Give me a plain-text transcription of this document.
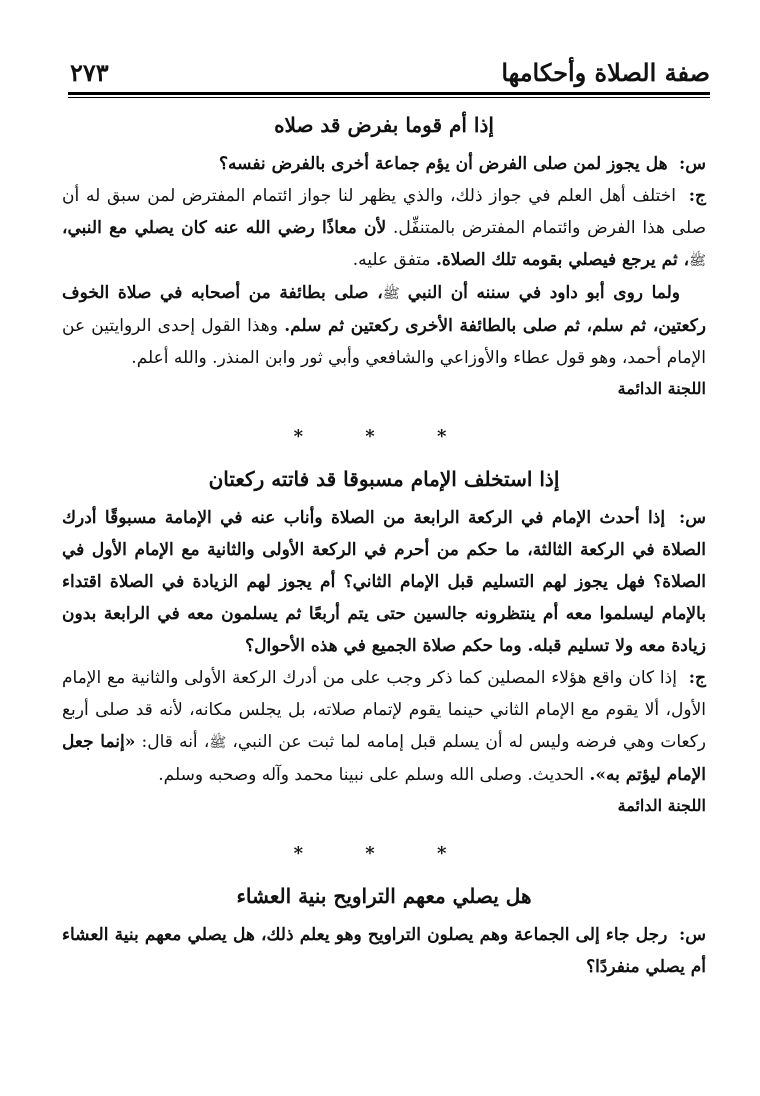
صفة الصلاة وأحكامها
٢٧٣
إذا أم قوما بفرض قد صلاه

س: هل يجوز لمن صلى الفرض أن يؤم جماعة أخرى بالفرض نفسه؟

ج: اختلف أهل العلم في جواز ذلك، والذي يظهر لنا جواز ائتمام المفترض لمن سبق له أن صلى هذا الفرض وائتمام المفترض بالمتنفِّل. لأن معاذًا رضي الله عنه كان يصلي مع النبي، ﷺ، ثم يرجع فيصلي بقومه تلك الصلاة. متفق عليه.

ولما روى أبو داود في سننه أن النبي ﷺ، صلى بطائفة من أصحابه في صلاة الخوف ركعتين، ثم سلم، ثم صلى بالطائفة الأخرى ركعتين ثم سلم. وهذا القول إحدى الروايتين عن الإمام أحمد، وهو قول عطاء والأوزاعي والشافعي وأبي ثور وابن المنذر. والله أعلم.

اللجنة الدائمة
* * *
إذا استخلف الإمام مسبوقا قد فاتته ركعتان

س: إذا أحدث الإمام في الركعة الرابعة من الصلاة وأناب عنه في الإمامة مسبوقًا أدرك الصلاة في الركعة الثالثة، ما حكم من أحرم في الركعة الأولى والثانية مع الإمام الأول في الصلاة؟ فهل يجوز لهم التسليم قبل الإمام الثاني؟ أم يجوز لهم الزيادة في الصلاة اقتداء بالإمام ليسلموا معه أم ينتظرونه جالسين حتى يتم أربعًا ثم يسلمون معه في الرابعة بدون زيادة معه ولا تسليم قبله. وما حكم صلاة الجميع في هذه الأحوال؟

ج: إذا كان واقع هؤلاء المصلين كما ذكر وجب على من أدرك الركعة الأولى والثانية مع الإمام الأول، ألا يقوم مع الإمام الثاني حينما يقوم لإتمام صلاته، بل يجلس مكانه، لأنه قد صلى أربع ركعات وهي فرضه وليس له أن يسلم قبل إمامه لما ثبت عن النبي، ﷺ، أنه قال: «إنما جعل الإمام ليؤتم به». الحديث. وصلى الله وسلم على نبينا محمد وآله وصحبه وسلم.

اللجنة الدائمة
* * *
هل يصلي معهم التراويح بنية العشاء

س: رجل جاء إلى الجماعة وهم يصلون التراويح وهو يعلم ذلك، هل يصلي معهم بنية العشاء أم يصلي منفردًا؟
